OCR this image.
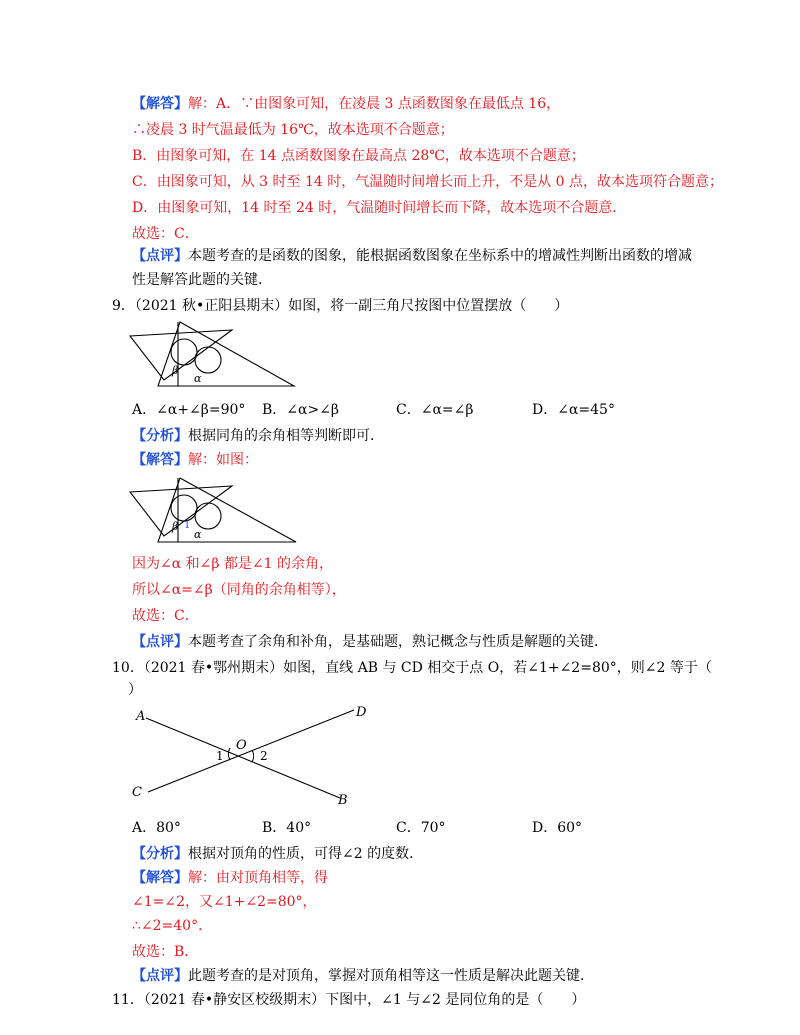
【解答】解：A．∵由图象可知，在凌晨 3 点函数图象在最低点 16，
∴凌晨 3 时气温最低为 16℃，故本选项不合题意；
B．由图象可知，在 14 点函数图象在最高点 28℃，故本选项不合题意；
C．由图象可知，从 3 时至 14 时，气温随时间增长而上升，不是从 0 点，故本选项符合题意；
D．由图象可知，14 时至 24 时，气温随时间增长而下降，故本选项不合题意．
故选：C．
【点评】本题考查的是函数的图象，能根据函数图象在坐标系中的增减性判断出函数的增减
性是解答此题的关键．
9．（2021 秋•正阳县期末）如图，将一副三角尺按图中位置摆放（　　）
β
α
A．∠α+∠β=90° B．∠α>∠β	C．∠α=∠β	D．∠α=45°
【分析】根据同角的余角相等判断即可．
【解答】解：如图：
β 1
α
因为∠α 和∠β 都是∠1 的余角，
所以∠α=∠β（同角的余角相等），
故选：C．
【点评】本题考查了余角和补角，是基础题，熟记概念与性质是解题的关键．
10．（2021 春•鄂州期末）如图，直线 AB 与 CD 相交于点 O，若∠1+∠2=80°，则∠2 等于（
）
A	D
C
B
O
1	2
A．80°	B．40°	C．70°	D．60°
【分析】根据对顶角的性质，可得∠2 的度数．
【解答】解：由对顶角相等，得
∠1=∠2，又∠1+∠2=80°，
∴∠2=40°．
故选：B．
【点评】此题考查的是对顶角，掌握对顶角相等这一性质是解决此题关键．
11．（2021 春•静安区校级期末）下图中，∠1 与∠2 是同位角的是（　　）
